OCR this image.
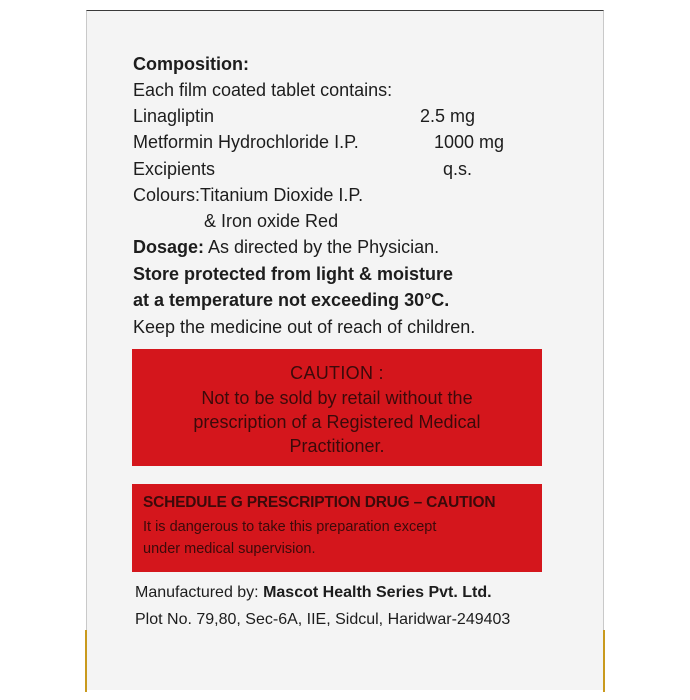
Composition:
Each film coated tablet contains:
Linagliptin	2.5 mg
Metformin Hydrochloride I.P.	1000 mg
Excipients	q.s.
Colours:Titanium Dioxide I.P.
& Iron oxide Red
Dosage: As directed by the Physician.
Store protected from light & moisture
at a temperature not exceeding 30°C.
Keep the medicine out of reach of children.
CAUTION :
Not to be sold by retail without the prescription of a Registered Medical Practitioner.
SCHEDULE G PRESCRIPTION DRUG – CAUTION
It is dangerous to take this preparation except
under medical supervision.
Manufactured by: Mascot Health Series Pvt. Ltd.
Plot No. 79,80, Sec-6A, IIE, Sidcul, Haridwar-249403
